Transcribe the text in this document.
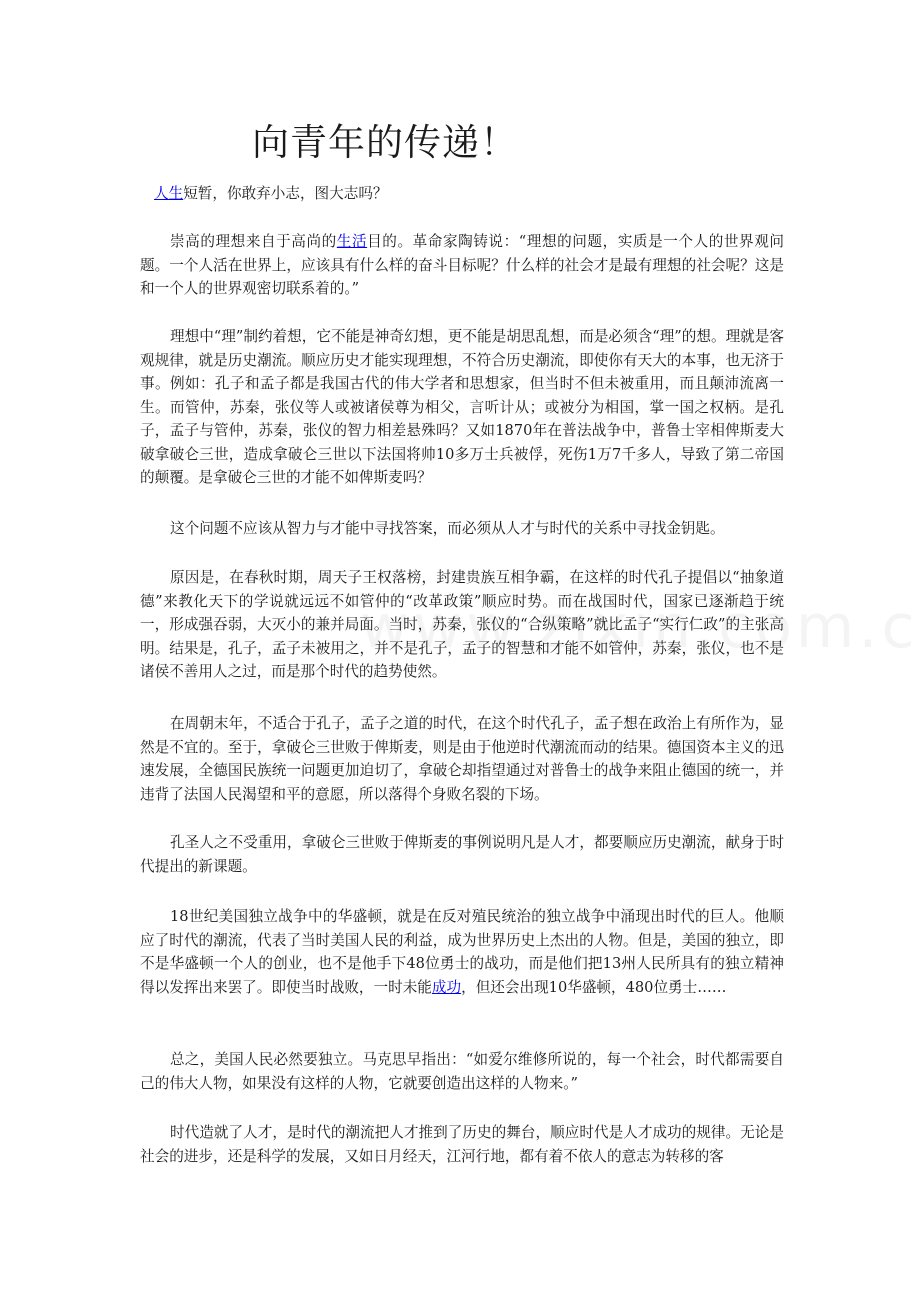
向青年的传递！

人生短暂，你敢弃小志，图大志吗？

崇高的理想来自于高尚的生活目的。革命家陶铸说：“理想的问题，实质是一个人的世界观问题。一个人活在世界上，应该具有什么样的奋斗目标呢？什么样的社会才是最有理想的社会呢？这是和一个人的世界观密切联系着的。”

理想中“理”制约着想，它不能是神奇幻想，更不能是胡思乱想，而是必须含“理”的想。理就是客观规律，就是历史潮流。顺应历史才能实现理想，不符合历史潮流，即使你有天大的本事，也无济于事。例如：孔子和孟子都是我国古代的伟大学者和思想家，但当时不但未被重用，而且颠沛流离一生。而管仲，苏秦，张仪等人或被诸侯尊为相父，言听计从；或被分为相国，掌一国之权柄。是孔子，孟子与管仲，苏秦，张仪的智力相差悬殊吗？又如1870年在普法战争中，普鲁士宰相俾斯麦大破拿破仑三世，造成拿破仑三世以下法国将帅10多万士兵被俘，死伤1万7千多人，导致了第二帝国的颠覆。是拿破仑三世的才能不如俾斯麦吗？

这个问题不应该从智力与才能中寻找答案，而必须从人才与时代的关系中寻找金钥匙。

原因是，在春秋时期，周天子王权落榜，封建贵族互相争霸，在这样的时代孔子提倡以“抽象道德”来教化天下的学说就远远不如管仲的“改革政策”顺应时势。而在战国时代，国家已逐渐趋于统一，形成强吞弱，大灭小的兼并局面。当时，苏秦，张仪的“合纵策略”就比孟子“实行仁政”的主张高明。结果是，孔子，孟子未被用之，并不是孔子，孟子的智慧和才能不如管仲，苏秦，张仪，也不是诸侯不善用人之过，而是那个时代的趋势使然。

在周朝末年，不适合于孔子，孟子之道的时代，在这个时代孔子，孟子想在政治上有所作为，显然是不宜的。至于，拿破仑三世败于俾斯麦，则是由于他逆时代潮流而动的结果。德国资本主义的迅速发展，全德国民族统一问题更加迫切了，拿破仑却指望通过对普鲁士的战争来阻止德国的统一，并违背了法国人民渴望和平的意愿，所以落得个身败名裂的下场。

孔圣人之不受重用，拿破仑三世败于俾斯麦的事例说明凡是人才，都要顺应历史潮流，献身于时代提出的新课题。

18世纪美国独立战争中的华盛顿，就是在反对殖民统治的独立战争中涌现出时代的巨人。他顺应了时代的潮流，代表了当时美国人民的利益，成为世界历史上杰出的人物。但是，美国的独立，即不是华盛顿一个人的创业，也不是他手下48位勇士的战功，而是他们把13州人民所具有的独立精神得以发挥出来罢了。即使当时战败，一时未能成功，但还会出现10华盛顿，480位勇士……

总之，美国人民必然要独立。马克思早指出：“如爱尔维修所说的，每一个社会，时代都需要自己的伟大人物，如果没有这样的人物，它就要创造出这样的人物来。”

时代造就了人才，是时代的潮流把人才推到了历史的舞台，顺应时代是人才成功的规律。无论是社会的进步，还是科学的发展，又如日月经天，江河行地，都有着不依人的意志为转移的客
